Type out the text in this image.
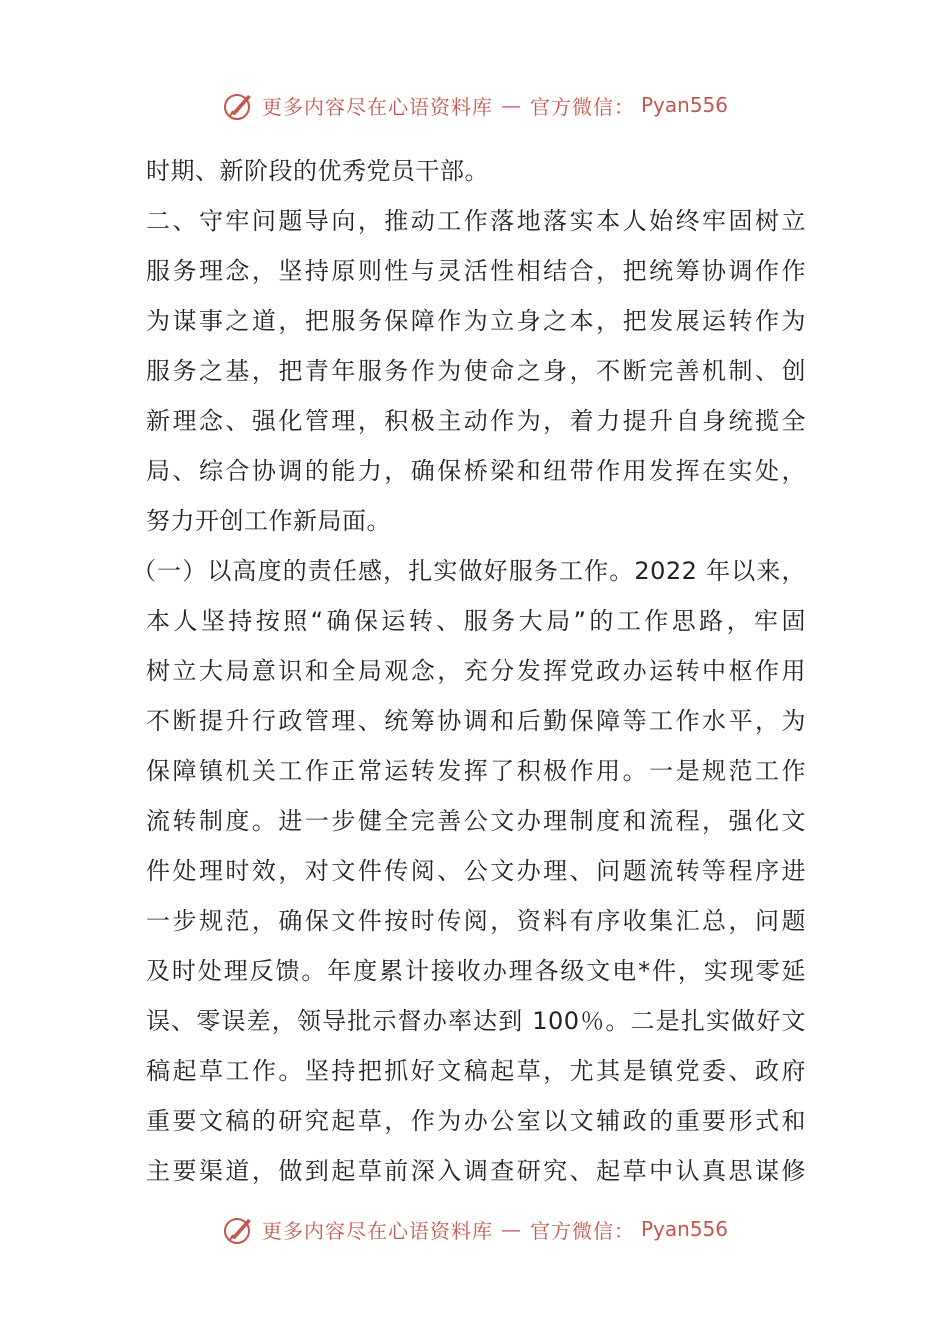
更多内容尽在心语资料库 — 官方微信： Pyan556
时期、新阶段的优秀党员干部。
二、守牢问题导向，推动工作落地落实本人始终牢固树立
服务理念，坚持原则性与灵活性相结合，把统筹协调作作
为谋事之道，把服务保障作为立身之本，把发展运转作为
服务之基，把青年服务作为使命之身，不断完善机制、创
新理念、强化管理，积极主动作为，着力提升自身统揽全
局、综合协调的能力，确保桥梁和纽带作用发挥在实处，
努力开创工作新局面。
（一）以高度的责任感，扎实做好服务工作。2022 年以来，
本人坚持按照“确保运转、服务大局”的工作思路，牢固
树立大局意识和全局观念，充分发挥党政办运转中枢作用
不断提升行政管理、统筹协调和后勤保障等工作水平，为
保障镇机关工作正常运转发挥了积极作用。一是规范工作
流转制度。进一步健全完善公文办理制度和流程，强化文
件处理时效，对文件传阅、公文办理、问题流转等程序进
一步规范，确保文件按时传阅，资料有序收集汇总，问题
及时处理反馈。年度累计接收办理各级文电*件，实现零延
误、零误差，领导批示督办率达到 100％。二是扎实做好文
稿起草工作。坚持把抓好文稿起草，尤其是镇党委、政府
重要文稿的研究起草，作为办公室以文辅政的重要形式和
主要渠道，做到起草前深入调查研究、起草中认真思谋修
更多内容尽在心语资料库 — 官方微信： Pyan556
